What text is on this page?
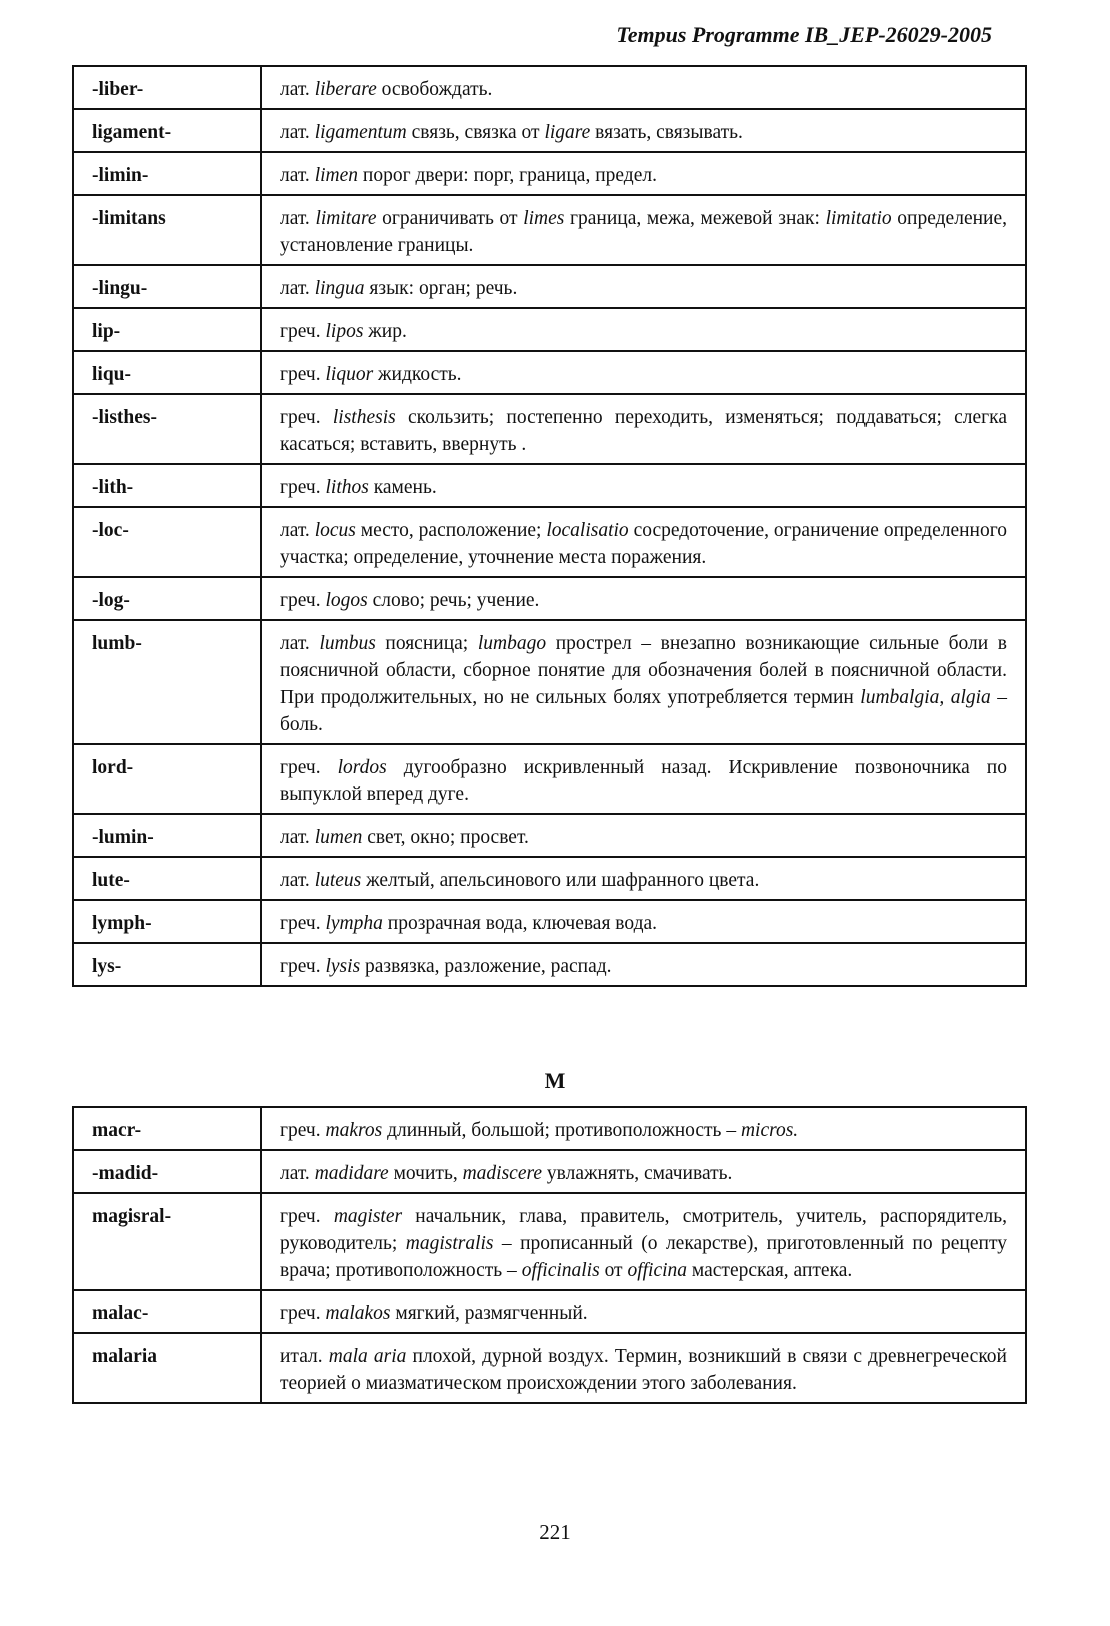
Tempus Programme IB_JEP-26029-2005
-liber-	лат. liberare освобождать.
ligament-	лат. ligamentum связь, связка от ligare вязать, связывать.
-limin-	лат. limen порог двери: порг, граница, предел.
-limitans	лат. limitare ограничивать от limes граница, межа, межевой знак: limitatio определение, установление границы.
-lingu-	лат. lingua язык: орган; речь.
lip-	греч. lipos жир.
liqu-	греч. liquor жидкость.
-listhes-	греч. listhesis скользить; постепенно переходить, изменяться; поддаваться; слегка касаться; вставить, ввернуть .
-lith-	греч. lithos камень.
-loc-	лат. locus место, расположение; localisatio сосредоточение, ограничение определенного участка; определение, уточнение места поражения.
-log-	греч. logos слово; речь; учение.
lumb-	лат. lumbus поясница; lumbago прострел – внезапно возникающие сильные боли в поясничной области, сборное понятие для обозначения болей в поясничной области. При продолжительных, но не сильных болях употребляется термин lumbalgia, algia – боль.
lord-	греч. lordos дугообразно искривленный назад. Искривление позвоночника по выпуклой вперед дуге.
-lumin-	лат. lumen свет, окно; просвет.
lute-	лат. luteus желтый, апельсинового или шафранного цвета.
lymph-	греч. lympha прозрачная вода, ключевая вода.
lys-	греч. lysis развязка, разложение, распад.
M
macr-	греч. makros длинный, большой; противоположность – micros.
-madid-	лат. madidare мочить, madiscere увлажнять, смачивать.
magisral-	греч. magister начальник, глава, правитель, смотритель, учитель, распорядитель, руководитель; magistralis – прописанный (о лекарстве), приготовленный по рецепту врача; противоположность – officinalis от officina мастерская, аптека.
malac-	греч. malakos мягкий, размягченный.
malaria	итал. mala aria плохой, дурной воздух. Термин, возникший в связи с древнегреческой теорией о миазматическом происхождении этого заболевания.
221
